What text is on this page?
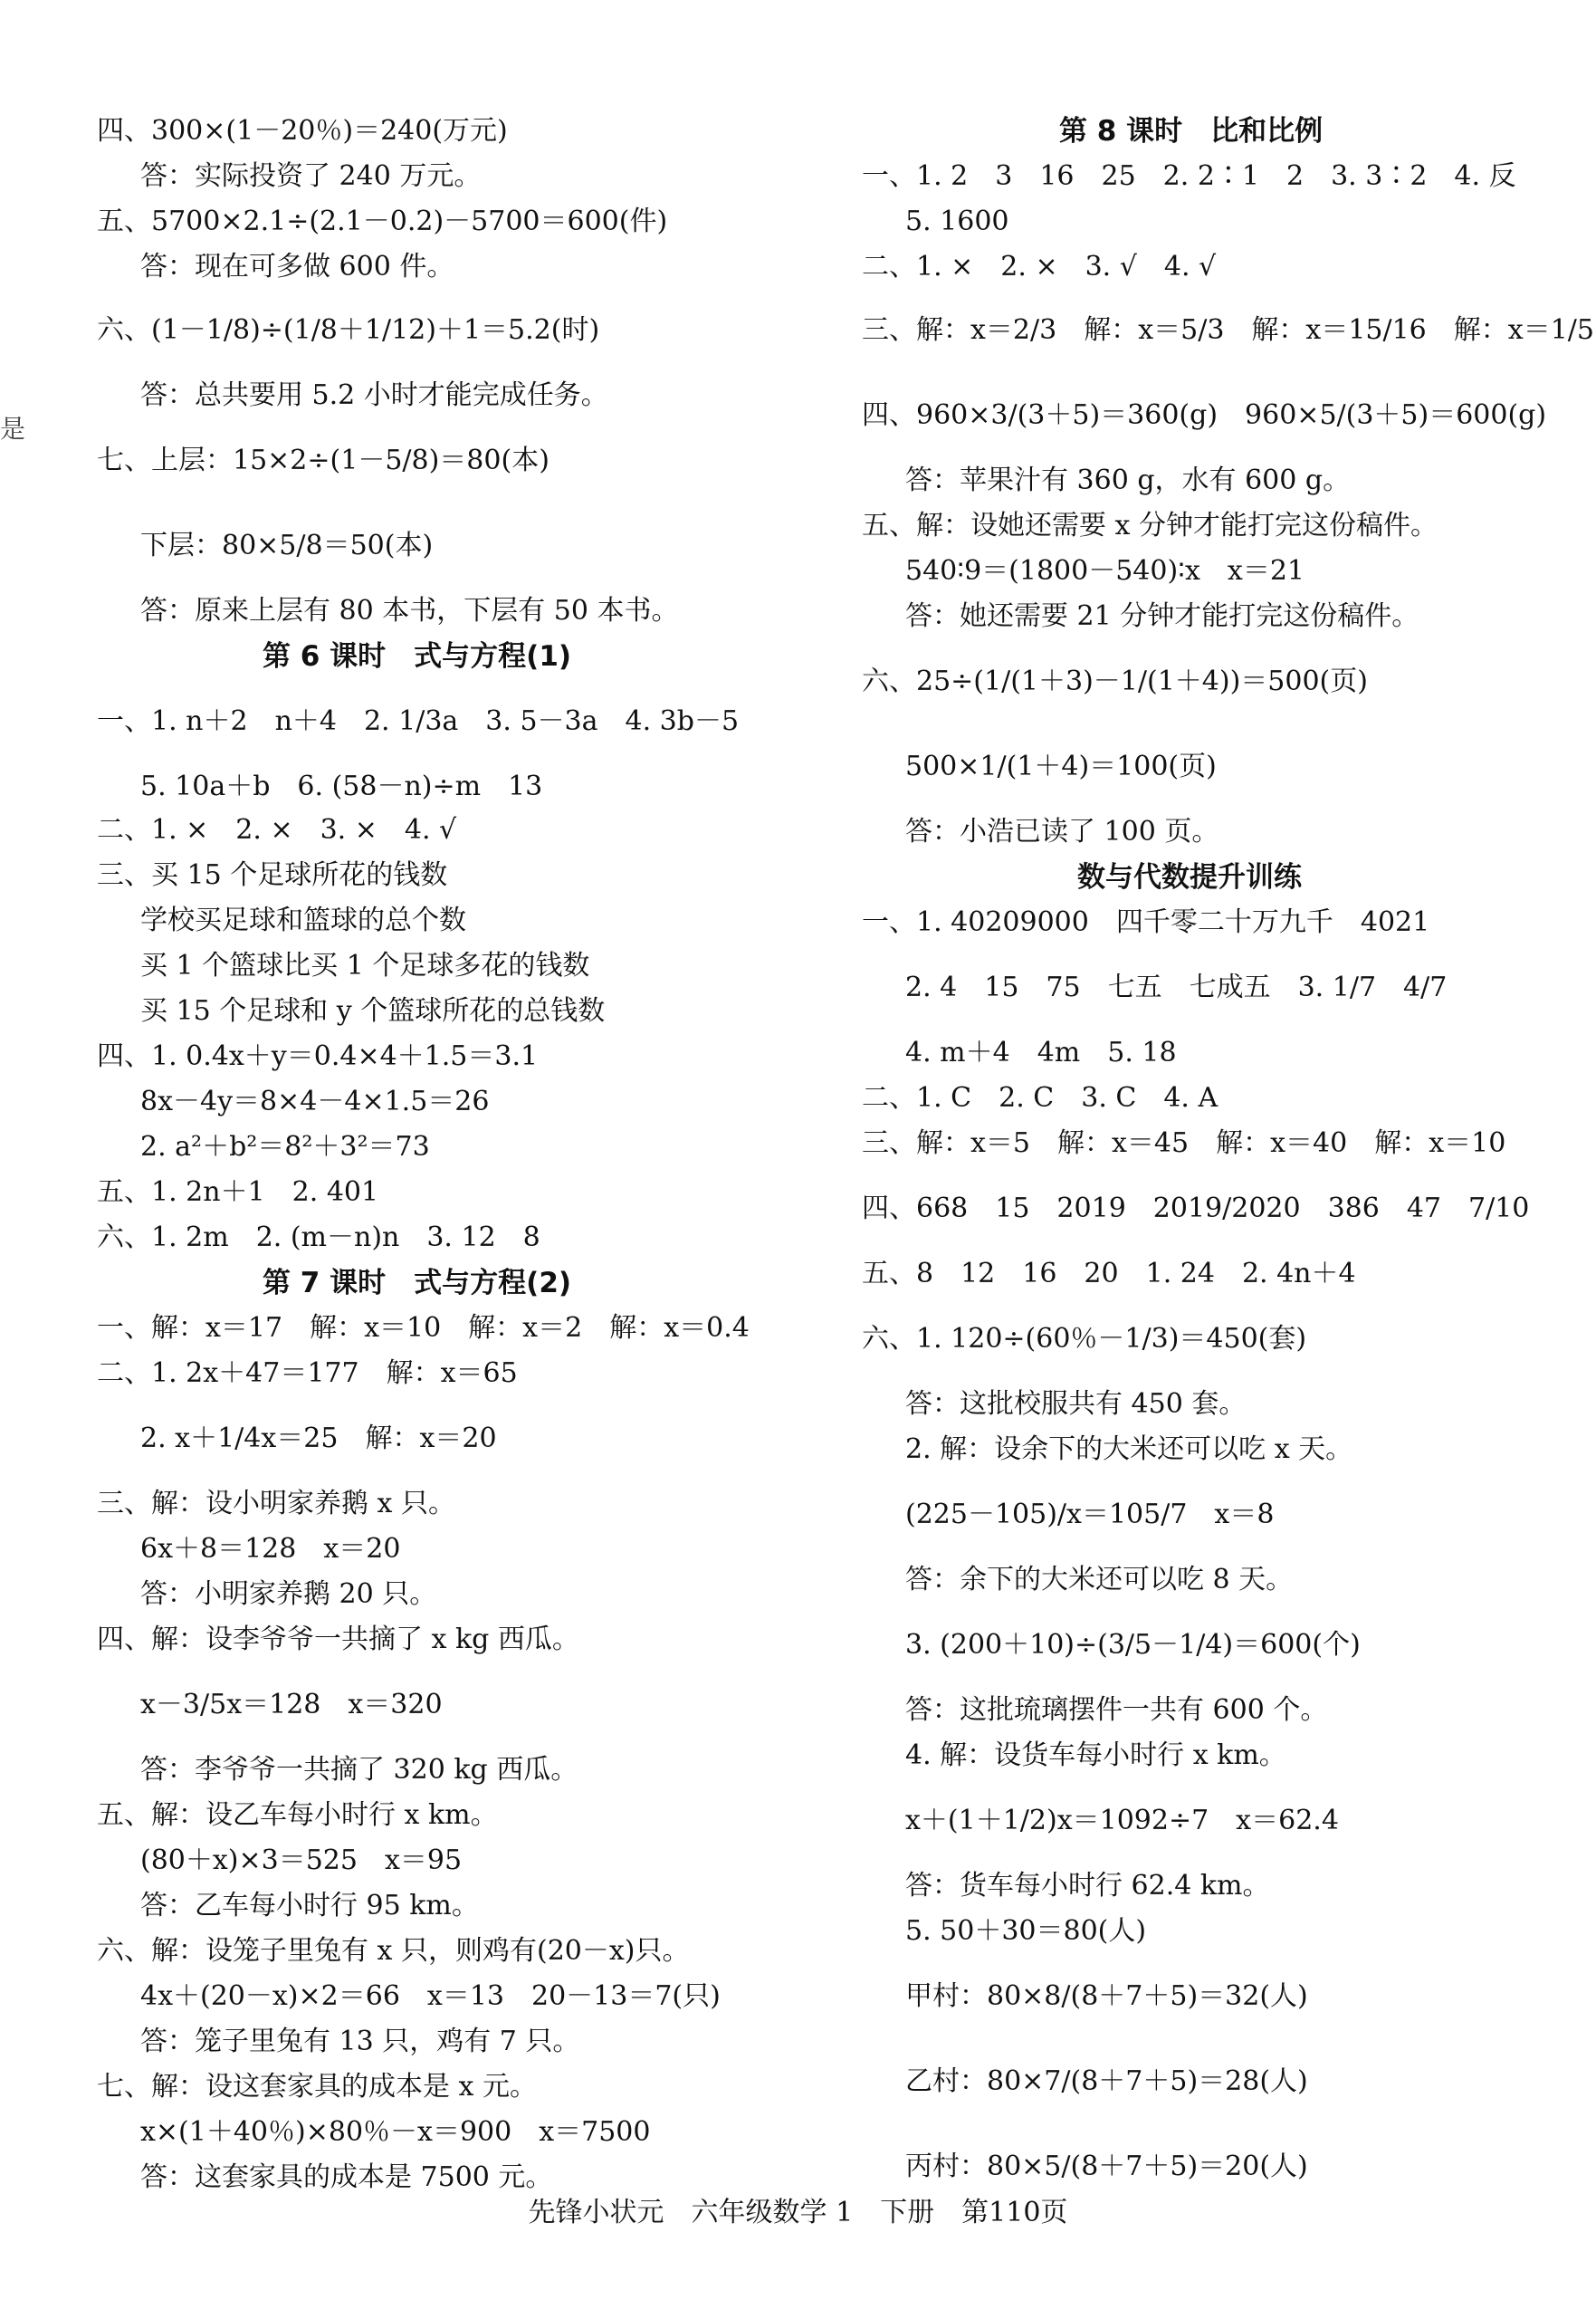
是
四、300×(1－20％)＝240(万元)
答：实际投资了 240 万元。
五、5700×2.1÷(2.1－0.2)－5700＝600(件)
答：现在可多做 600 件。
六、(1－1/8)÷(1/8＋1/12)＋1＝5.2(时)
答：总共要用 5.2 小时才能完成任务。
七、上层：15×2÷(1－5/8)＝80(本)
下层：80×5/8＝50(本)
答：原来上层有 80 本书，下层有 50 本书。
第 6 课时　式与方程(1)
一、1. n＋2　n＋4　2. 1/3a　3. 5－3a　4. 3b－5
5. 10a＋b　6. (58－n)÷m　13
二、1. ×　2. ×　3. ×　4. √
三、买 15 个足球所花的钱数
学校买足球和篮球的总个数
买 1 个篮球比买 1 个足球多花的钱数
买 15 个足球和 y 个篮球所花的总钱数
四、1. 0.4x＋y＝0.4×4＋1.5＝3.1
8x－4y＝8×4－4×1.5＝26
2. a²＋b²＝8²＋3²＝73
五、1. 2n＋1　2. 401
六、1. 2m　2. (m－n)n　3. 12　8
第 7 课时　式与方程(2)
一、解：x＝17　解：x＝10　解：x＝2　解：x＝0.4
二、1. 2x＋47＝177　解：x＝65
2. x＋1/4x＝25　解：x＝20
三、解：设小明家养鹅 x 只。
6x＋8＝128　x＝20
答：小明家养鹅 20 只。
四、解：设李爷爷一共摘了 x kg 西瓜。
x－3/5x＝128　x＝320
答：李爷爷一共摘了 320 kg 西瓜。
五、解：设乙车每小时行 x km。
(80＋x)×3＝525　x＝95
答：乙车每小时行 95 km。
六、解：设笼子里兔有 x 只，则鸡有(20－x)只。
4x＋(20－x)×2＝66　x＝13　20－13＝7(只)
答：笼子里兔有 13 只，鸡有 7 只。
七、解：设这套家具的成本是 x 元。
x×(1＋40％)×80％－x＝900　x＝7500
答：这套家具的成本是 7500 元。
第 8 课时　比和比例
一、1. 2　3　16　25　2. 2∶1　2　3. 3∶2　4. 反
5. 1600
二、1. ×　2. ×　3. √　4. √
三、解：x＝2/3　解：x＝5/3　解：x＝15/16　解：x＝1/5
四、960×3/(3＋5)＝360(g)　960×5/(3＋5)＝600(g)
答：苹果汁有 360 g，水有 600 g。
五、解：设她还需要 x 分钟才能打完这份稿件。
540∶9＝(1800－540)∶x　x＝21
答：她还需要 21 分钟才能打完这份稿件。
六、25÷(1/(1＋3)－1/(1＋4))＝500(页)
500×1/(1＋4)＝100(页)
答：小浩已读了 100 页。
数与代数提升训练
一、1. 40209000　四千零二十万九千　4021
2. 4　15　75　七五　七成五　3. 1/7　4/7
4. m＋4　4m　5. 18
二、1. C　2. C　3. C　4. A
三、解：x＝5　解：x＝45　解：x＝40　解：x＝10
四、668　15　2019　2019/2020　386　47　7/10
五、8　12　16　20　1. 24　2. 4n＋4
六、1. 120÷(60％－1/3)＝450(套)
答：这批校服共有 450 套。
2. 解：设余下的大米还可以吃 x 天。
(225－105)/x＝105/7　x＝8
答：余下的大米还可以吃 8 天。
3. (200＋10)÷(3/5－1/4)＝600(个)
答：这批琉璃摆件一共有 600 个。
4. 解：设货车每小时行 x km。
x＋(1＋1/2)x＝1092÷7　x＝62.4
答：货车每小时行 62.4 km。
5. 50＋30＝80(人)
甲村：80×8/(8＋7＋5)＝32(人)
乙村：80×7/(8＋7＋5)＝28(人)
丙村：80×5/(8＋7＋5)＝20(人)
先锋小状元　六年级数学 1　下册　第110页
